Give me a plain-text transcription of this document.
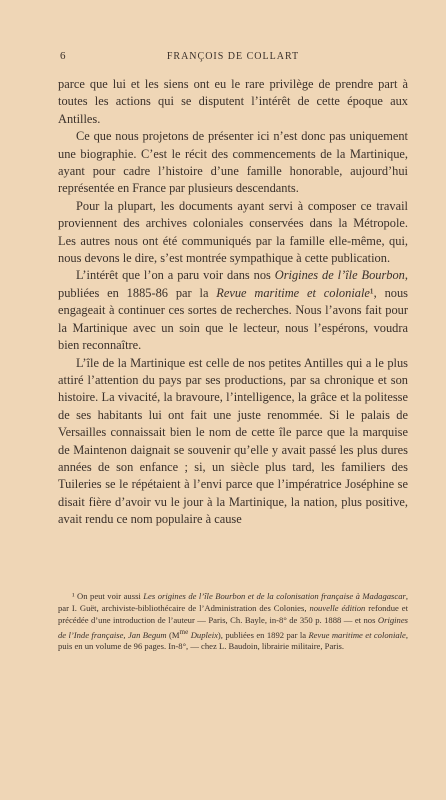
6	FRANÇOIS DE COLLART

parce que lui et les siens ont eu le rare privilège de prendre part à toutes les actions qui se disputent l’intérêt de cette époque aux Antilles.

Ce que nous projetons de présenter ici n’est donc pas uniquement une biographie. C’est le récit des commencements de la Martinique, ayant pour cadre l’histoire d’une famille honorable, aujourd’hui représentée en France par plusieurs descendants.

Pour la plupart, les documents ayant servi à composer ce travail proviennent des archives coloniales conservées dans la Métropole. Les autres nous ont été communiqués par la famille elle-même, qui, nous devons le dire, s’est montrée sympathique à cette publication.

L’intérêt que l’on a paru voir dans nos Origines de l’île Bourbon, publiées en 1885-86 par la Revue maritime et coloniale¹, nous engageait à continuer ces sortes de recherches. Nous l’avons fait pour la Martinique avec un soin que le lecteur, nous l’espérons, voudra bien reconnaître.

L’île de la Martinique est celle de nos petites Antilles qui a le plus attiré l’attention du pays par ses productions, par sa chronique et son histoire. La vivacité, la bravoure, l’intelligence, la grâce et la politesse de ses habitants lui ont fait une juste renommée. Si le palais de Versailles connaissait bien le nom de cette île parce que la marquise de Maintenon daignait se souvenir qu’elle y avait passé les plus dures années de son enfance ; si, un siècle plus tard, les familiers des Tuileries se le répétaient à l’envi parce que l’impératrice Joséphine se disait fière d’avoir vu le jour à la Martinique, la nation, plus positive, avait rendu ce nom populaire à cause

¹ On peut voir aussi Les origines de l’île Bourbon et de la colonisation française à Madagascar, par I. Guët, archiviste-bibliothécaire de l’Administration des Colonies, nouvelle édition refondue et précédée d’une introduction de l’auteur — Paris, Ch. Bayle, in-8° de 350 p. 1888 — et nos Origines de l’Inde française, Jan Begum ($M^{me}$ Dupleix), publiées en 1892 par la Revue maritime et coloniale, puis en un volume de 96 pages. In-8°, — chez L. Baudoin, librairie militaire, Paris.
